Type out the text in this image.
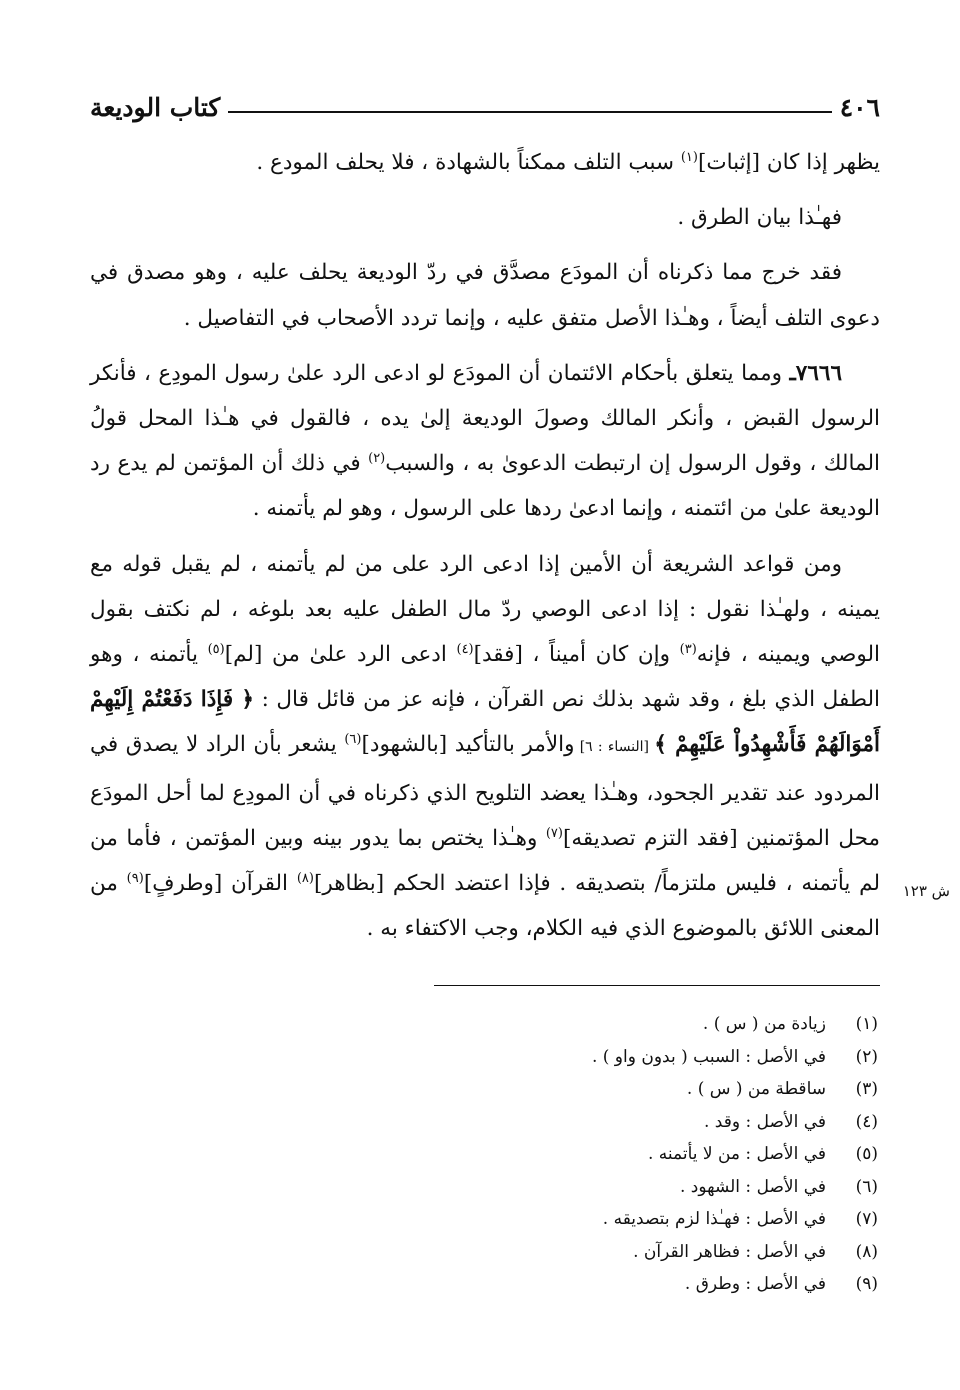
٤٠٦
كتاب الوديعة

يظهر إذا كان [إثبات]$^{(١)}$ سبب التلف ممكناً بالشهادة ، فلا يحلف المودع .

فهـٰذا بيان الطرق .

فقد خرج مما ذكرناه أن المودَع مصدَّق في ردّ الوديعة يحلف عليه ، وهو مصدق في دعوى التلف أيضاً ، وهـٰذا الأصل متفق عليه ، وإنما تردد الأصحاب في التفاصيل .

٧٦٦٦ـ ومما يتعلق بأحكام الائتمان أن المودَع لو ادعى الرد علىٰ رسول المودِع ، فأنكر الرسول القبض ، وأنكر المالك وصولَ الوديعة إلىٰ يده ، فالقول في هـٰذا المحل قولُ المالك ، وقول الرسول إن ارتبطت الدعوىٰ به ، والسبب$^{(٢)}$ في ذلك أن المؤتمن لم يدع رد الوديعة علىٰ من ائتمنه ، وإنما ادعىٰ ردها على الرسول ، وهو لم يأتمنه .

ومن قواعد الشريعة أن الأمين إذا ادعى الرد على من لم يأتمنه ، لم يقبل قوله مع يمينه ، ولهـٰذا نقول : إذا ادعى الوصي ردّ مال الطفل عليه بعد بلوغه ، لم نكتف بقول الوصي ويمينه ، فإنه$^{(٣)}$ وإن كان أميناً ، [فقد]$^{(٤)}$ ادعى الرد علىٰ من [لم]$^{(٥)}$ يأتمنه ، وهو الطفل الذي بلغ ، وقد شهد بذلك نص القرآن ، فإنه عز من قائل قال : ﴿ فَإِذَا دَفَعْتُمْ إِلَيْهِمْ أَمْوَالَهُمْ فَأَشْهِدُواْ عَلَيْهِمْ ﴾ [النساء : ٦] والأمر بالتأكيد [بالشهود]$^{(٦)}$ يشعر بأن الراد لا يصدق في المردود عند تقدير الجحود، وهـٰذا يعضد التلويح الذي ذكرناه في أن المودِع لما أحل المودَع محل المؤتمنين [فقد التزم تصديقه]$^{(٧)}$ وهـٰذا يختص بما يدور بينه وبين المؤتمن ، فأما من لم يأتمنه ، فليس ملتزماً/ بتصديقه . فإذا اعتضد الحكم [بظاهر]$^{(٨)}$ القرآن [وطرفٍ]$^{(٩)}$ من المعنى اللائق بالموضوع الذي فيه الكلام، وجب الاكتفاء به .

ش ١٢٣
(١)
زيادة من ( س ) .
(٢)
في الأصل : السبب ( بدون واو ) .
(٣)
ساقطة من ( س ) .
(٤)
في الأصل : وقد .
(٥)
في الأصل : من لا يأتمنه .
(٦)
في الأصل : الشهود .
(٧)
في الأصل : فهـٰذا لزم بتصديقه .
(٨)
في الأصل : فظاهر القرآن .
(٩)
في الأصل : وطرق .
